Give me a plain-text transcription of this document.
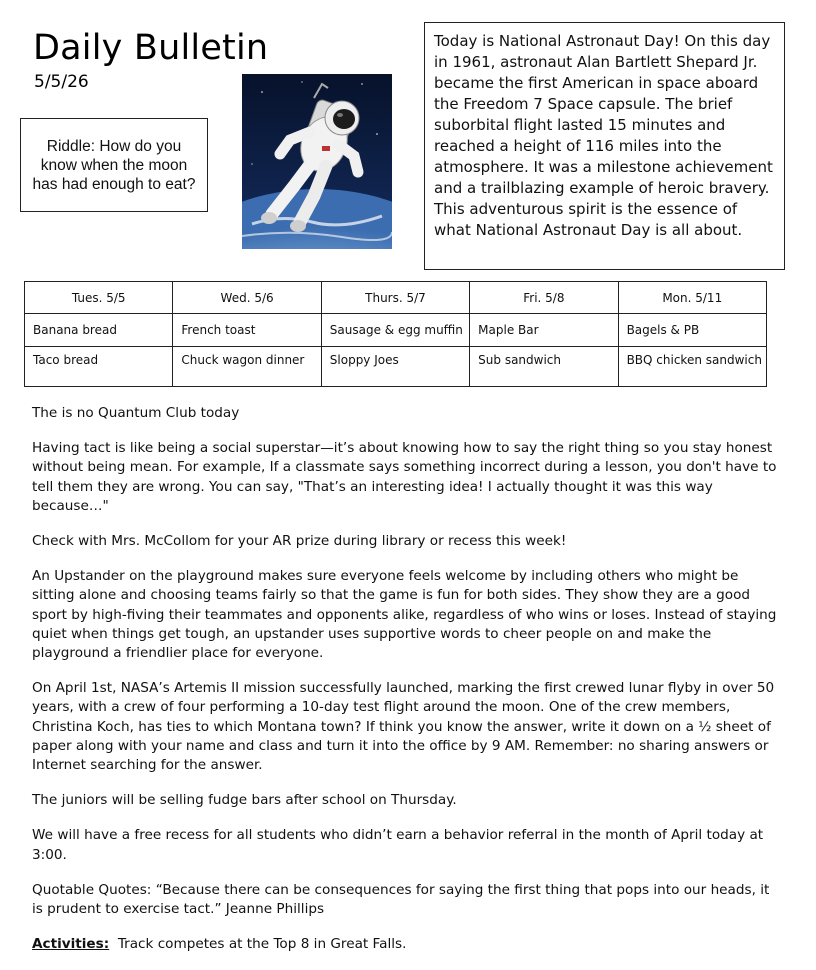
Daily Bulletin
5/5/26
Riddle: How do you know when the moon has had enough to eat?
Today is National Astronaut Day! On this day in 1961, astronaut Alan Bartlett Shepard Jr. became the first American in space aboard the Freedom 7 Space capsule. The brief suborbital flight lasted 15 minutes and reached a height of 116 miles into the atmosphere. It was a milestone achievement and a trailblazing example of heroic bravery. This adventurous spirit is the essence of what National Astronaut Day is all about.
Tues. 5/5	Wed. 5/6	Thurs. 5/7	Fri. 5/8	Mon. 5/11
Banana bread	French toast	Sausage & egg muffin	Maple Bar	Bagels & PB
Taco bread	Chuck wagon dinner	Sloppy Joes	Sub sandwich	BBQ chicken sandwich

The is no Quantum Club today

Having tact is like being a social superstar—it’s about knowing how to say the right thing so you stay honest without being mean. For example, If a classmate says something incorrect during a lesson, you don't have to tell them they are wrong. You can say, "That’s an interesting idea! I actually thought it was this way because…"

Check with Mrs. McCollom for your AR prize during library or recess this week!

An Upstander on the playground makes sure everyone feels welcome by including others who might be sitting alone and choosing teams fairly so that the game is fun for both sides. They show they are a good sport by high-fiving their teammates and opponents alike, regardless of who wins or loses. Instead of staying quiet when things get tough, an upstander uses supportive words to cheer people on and make the playground a friendlier place for everyone.

On April 1st, NASA’s Artemis II mission successfully launched, marking the first crewed lunar flyby in over 50 years, with a crew of four performing a 10-day test flight around the moon. One of the crew members, Christina Koch, has ties to which Montana town? If think you know the answer, write it down on a ½ sheet of paper along with your name and class and turn it into the office by 9 AM. Remember: no sharing answers or Internet searching for the answer.

The juniors will be selling fudge bars after school on Thursday.

We will have a free recess for all students who didn’t earn a behavior referral in the month of April today at 3:00.

Quotable Quotes: “Because there can be consequences for saying the first thing that pops into our heads, it is prudent to exercise tact.” Jeanne Phillips

Activities:  Track competes at the Top 8 in Great Falls.
